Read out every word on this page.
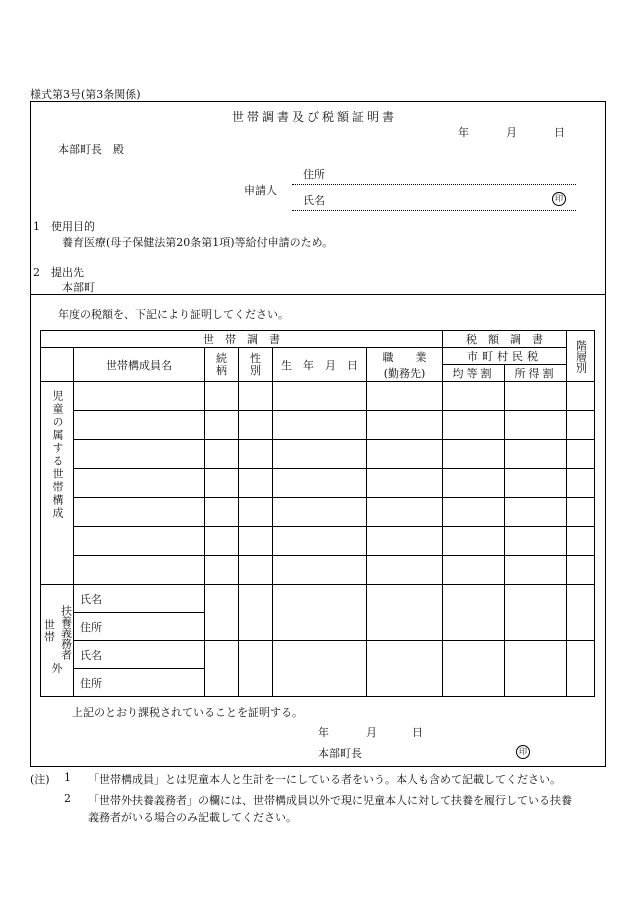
様式第3号(第3条関係)
世帯調書及び税額証明書
年	月	日
本部町長　殿
住所
申請人
氏名	印
1　使用目的
養育医療(母子保健法第20条第1項)等給付申請のため。
2　提出先
本部町
年度の税額を、下記により証明してください。
世　帯　調　書						税　額　調　書		階層別

	世帯構成員名	続柄	性別	生　年　月　日	職　　業
(勤務先)	市町村民税		
						均等割	所得割	

児童の属する世帯構成								

世帯 扶養義務者
外	氏名							
	住所							
	氏名							
	住所							
上記のとおり課税されていることを証明する。
年	月	日
本部町長	印
(注) 1 「世帯構成員」とは児童本人と生計を一にしている者をいう。本人も含めて記載してください。
2 「世帯外扶養義務者」の欄には、世帯構成員以外で現に児童本人に対して扶養を履行している扶養
義務者がいる場合のみ記載してください。
